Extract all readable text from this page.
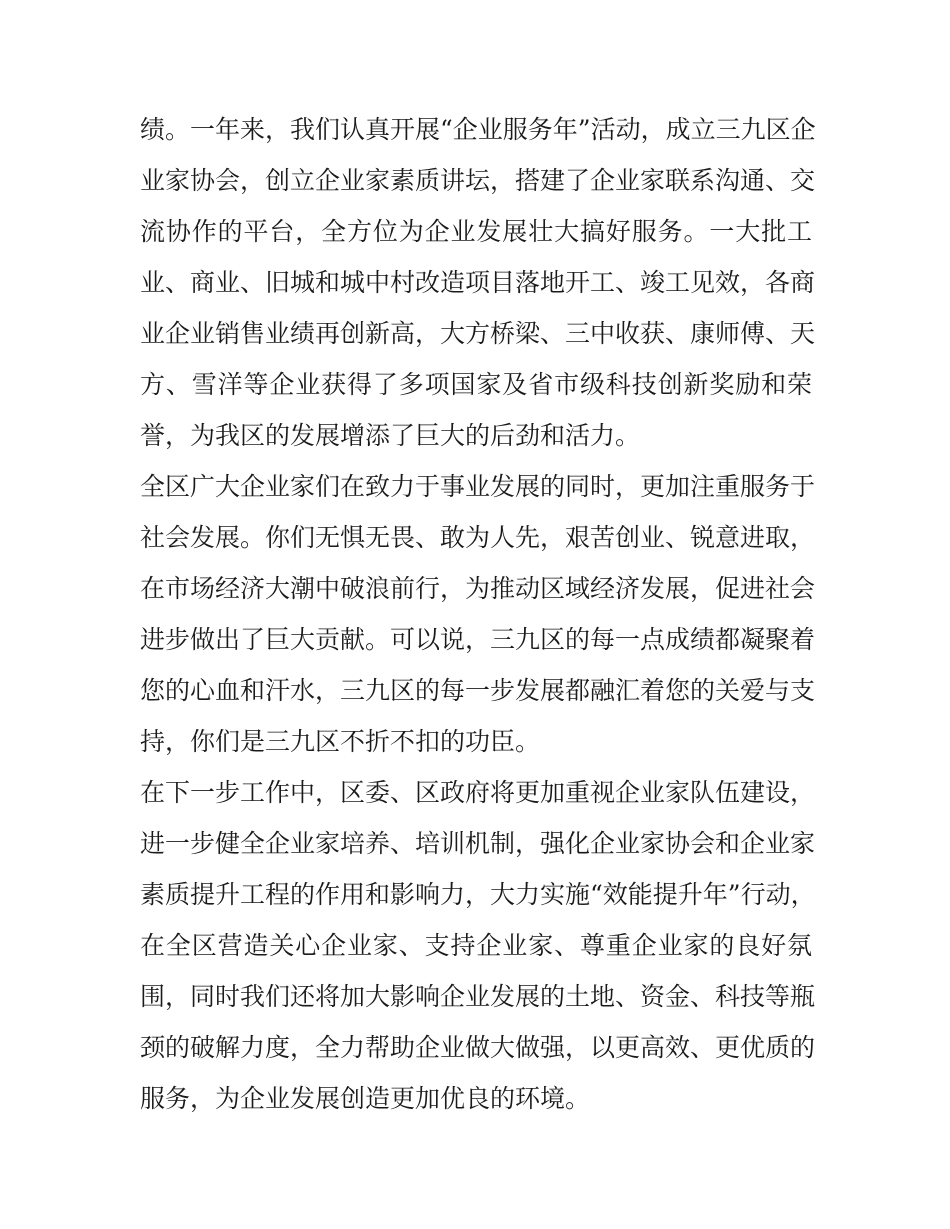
绩。一年来，我们认真开展“企业服务年”活动，成立三九区企
业家协会，创立企业家素质讲坛，搭建了企业家联系沟通、交
流协作的平台，全方位为企业发展壮大搞好服务。一大批工
业、商业、旧城和城中村改造项目落地开工、竣工见效，各商
业企业销售业绩再创新高，大方桥梁、三中收获、康师傅、天
方、雪洋等企业获得了多项国家及省市级科技创新奖励和荣
誉，为我区的发展增添了巨大的后劲和活力。
全区广大企业家们在致力于事业发展的同时，更加注重服务于
社会发展。你们无惧无畏、敢为人先，艰苦创业、锐意进取，
在市场经济大潮中破浪前行，为推动区域经济发展，促进社会
进步做出了巨大贡献。可以说，三九区的每一点成绩都凝聚着
您的心血和汗水，三九区的每一步发展都融汇着您的关爱与支
持，你们是三九区不折不扣的功臣。
在下一步工作中，区委、区政府将更加重视企业家队伍建设，
进一步健全企业家培养、培训机制，强化企业家协会和企业家
素质提升工程的作用和影响力，大力实施“效能提升年”行动，
在全区营造关心企业家、支持企业家、尊重企业家的良好氛
围，同时我们还将加大影响企业发展的土地、资金、科技等瓶
颈的破解力度，全力帮助企业做大做强，以更高效、更优质的
服务，为企业发展创造更加优良的环境。
